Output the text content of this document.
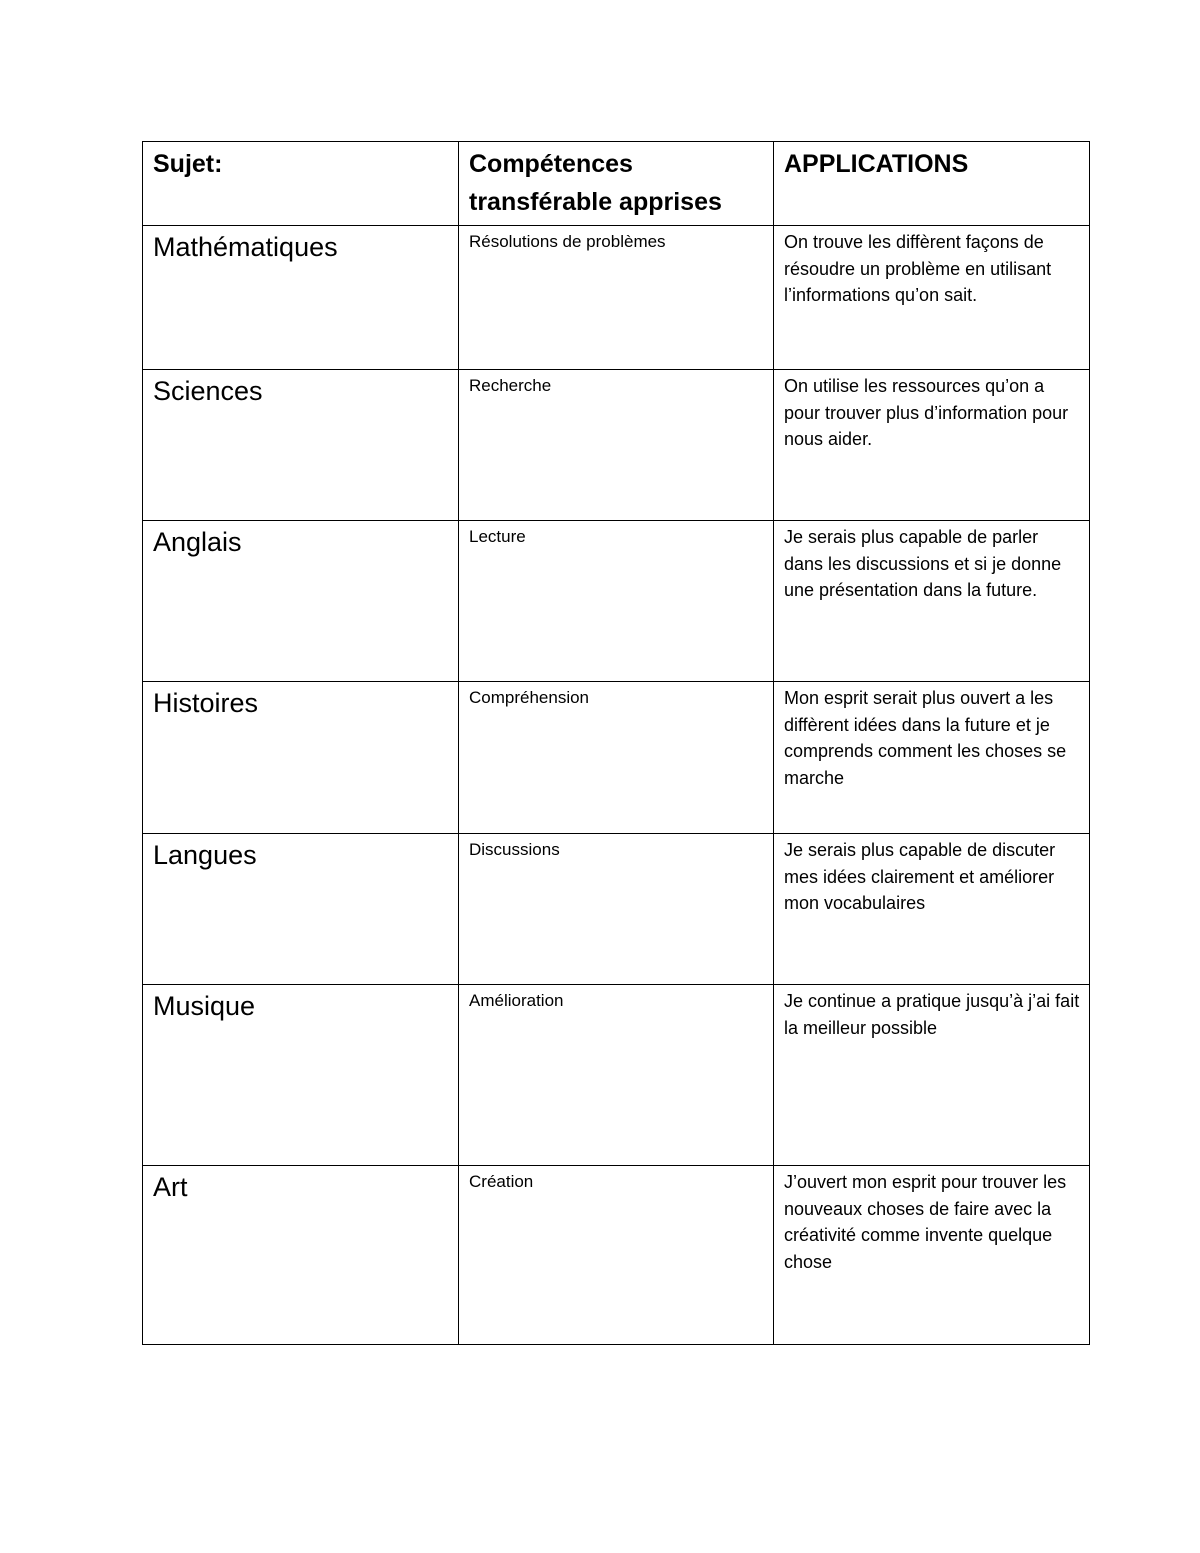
Sujet:	Compétences transférable apprises	APPLICATIONS
Mathématiques	Résolutions de problèmes	On trouve les diffèrent façons de résoudre un problème en utilisant l’informations qu’on sait.
Sciences	Recherche	On utilise les ressources qu’on a pour trouver plus d’information pour nous aider.
Anglais	Lecture	Je serais plus capable de parler dans les discussions et si je donne une présentation dans la future.
Histoires	Compréhension	Mon esprit serait plus ouvert a les diffèrent idées dans la future et je comprends comment les choses se marche
Langues	Discussions	Je serais plus capable de discuter mes idées clairement et améliorer mon vocabulaires
Musique	Amélioration	Je continue a pratique jusqu’à j’ai fait la meilleur possible
Art	Création	J’ouvert mon esprit pour trouver les nouveaux choses de faire avec la créativité comme invente quelque chose
